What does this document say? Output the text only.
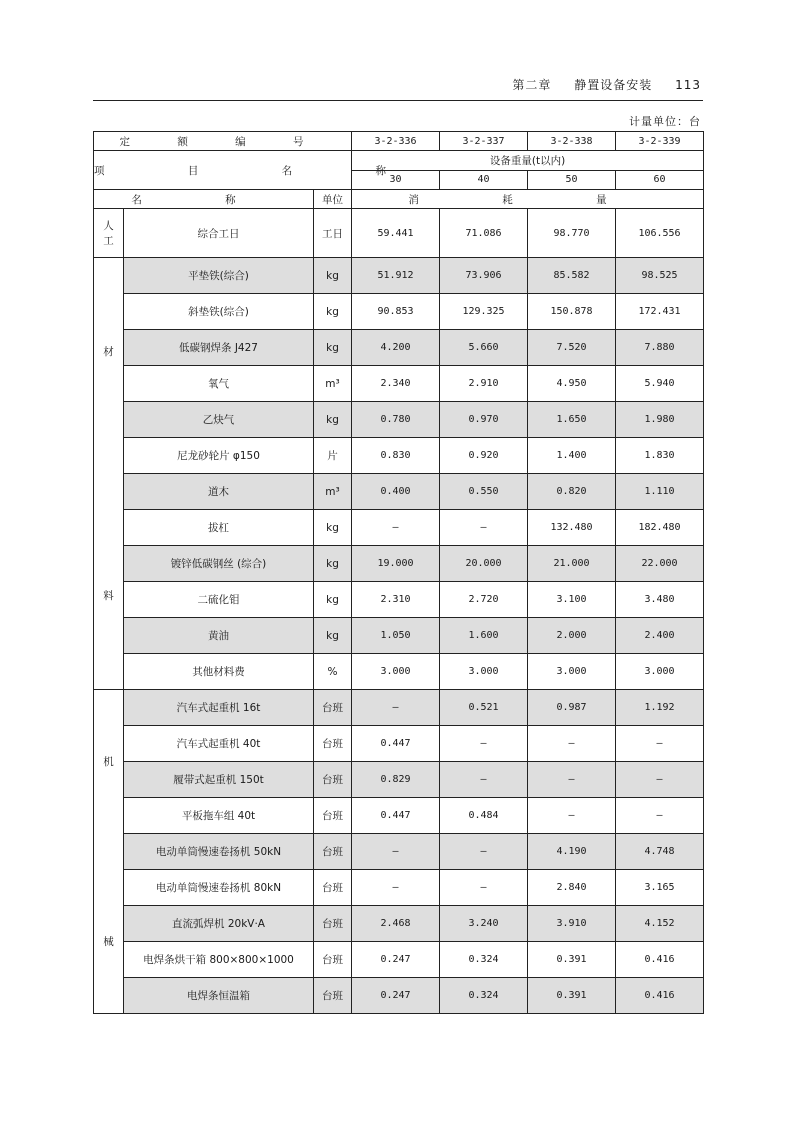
第二章 静置设备安装 113
计量单位：台
定 额 编 号			3-2-336	3-2-337	3-2-338	3-2-339
项 目 名 称			设备重量(t以内)			
			30	40	50	60
名 称		单位	消 耗 量			

人
工	综合工日	工日	59.441	71.086	98.770	106.556

材
料	平垫铁(综合)	kg	51.912	73.906	85.582	98.525
	斜垫铁(综合)	kg	90.853	129.325	150.878	172.431
	低碳钢焊条 J427	kg	4.200	5.660	7.520	7.880
	氧气	m³	2.340	2.910	4.950	5.940
	乙炔气	kg	0.780	0.970	1.650	1.980
	尼龙砂轮片 φ150	片	0.830	0.920	1.400	1.830
	道木	m³	0.400	0.550	0.820	1.110
	拔杠	kg	—	—	132.480	182.480
	镀锌低碳钢丝 (综合)	kg	19.000	20.000	21.000	22.000
	二硫化钼	kg	2.310	2.720	3.100	3.480
	黄油	kg	1.050	1.600	2.000	2.400
	其他材料费	%	3.000	3.000	3.000	3.000

机
械	汽车式起重机 16t	台班	—	0.521	0.987	1.192
	汽车式起重机 40t	台班	0.447	—	—	—
	履带式起重机 150t	台班	0.829	—	—	—
	平板拖车组 40t	台班	0.447	0.484	—	—
	电动单筒慢速卷扬机 50kN	台班	—	—	4.190	4.748
	电动单筒慢速卷扬机 80kN	台班	—	—	2.840	3.165
	直流弧焊机 20kV·A	台班	2.468	3.240	3.910	4.152
	电焊条烘干箱 800×800×1000	台班	0.247	0.324	0.391	0.416
	电焊条恒温箱	台班	0.247	0.324	0.391	0.416
